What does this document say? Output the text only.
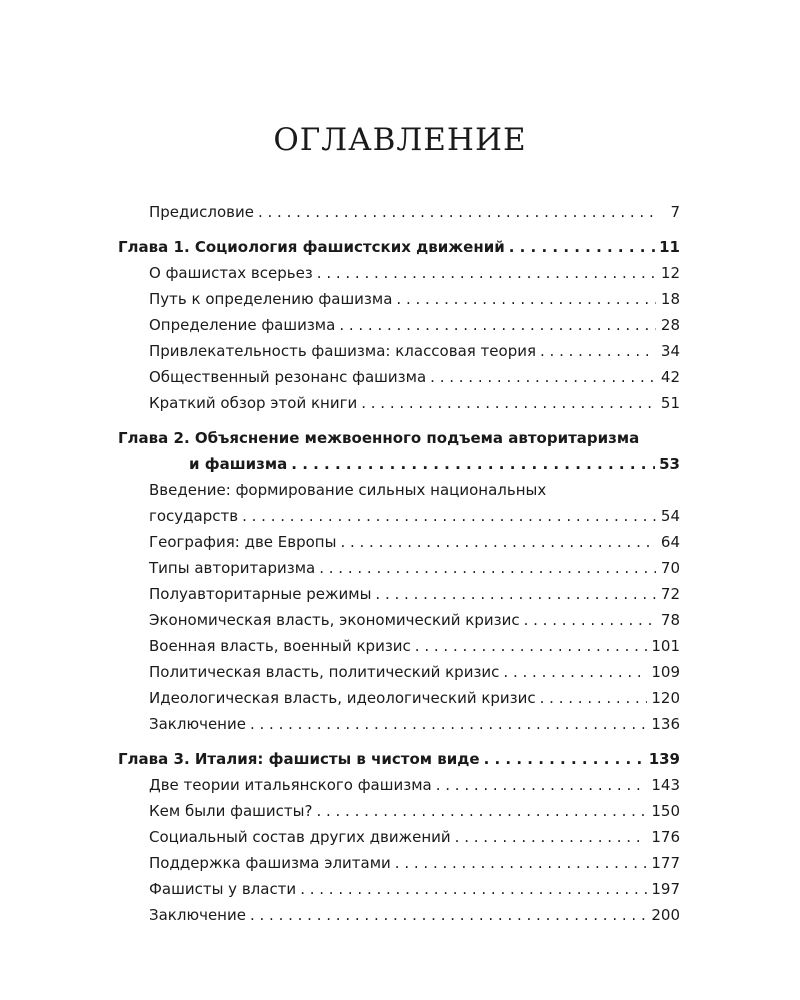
ОГЛАВЛЕНИЕ
Предисловие . . .	7
Глава 1. Социология фашистских движений . . .	11
О фашистах всерьез . . .	12
Путь к определению фашизма . . .	18
Определение фашизма . . .	28
Привлекательность фашизма: классовая теория . . .	34
Общественный резонанс фашизма . . .	42
Краткий обзор этой книги . . .	51
Глава 2. Объяснение межвоенного подъема авторитаризма
и фашизма . . .	53
Введение: формирование сильных национальных
государств . . .	54
География: две Европы . . .	64
Типы авторитаризма . . .	70
Полуавторитарные режимы . . .	72
Экономическая власть, экономический кризис . . .	78
Военная власть, военный кризис . . .	101
Политическая власть, политический кризис . . .	109
Идеологическая власть, идеологический кризис . . .	120
Заключение . . .	136
Глава 3. Италия: фашисты в чистом виде . . .	139
Две теории итальянского фашизма . . .	143
Кем были фашисты? . . .	150
Социальный состав других движений . . .	176
Поддержка фашизма элитами . . .	177
Фашисты у власти . . .	197
Заключение . . .	200
